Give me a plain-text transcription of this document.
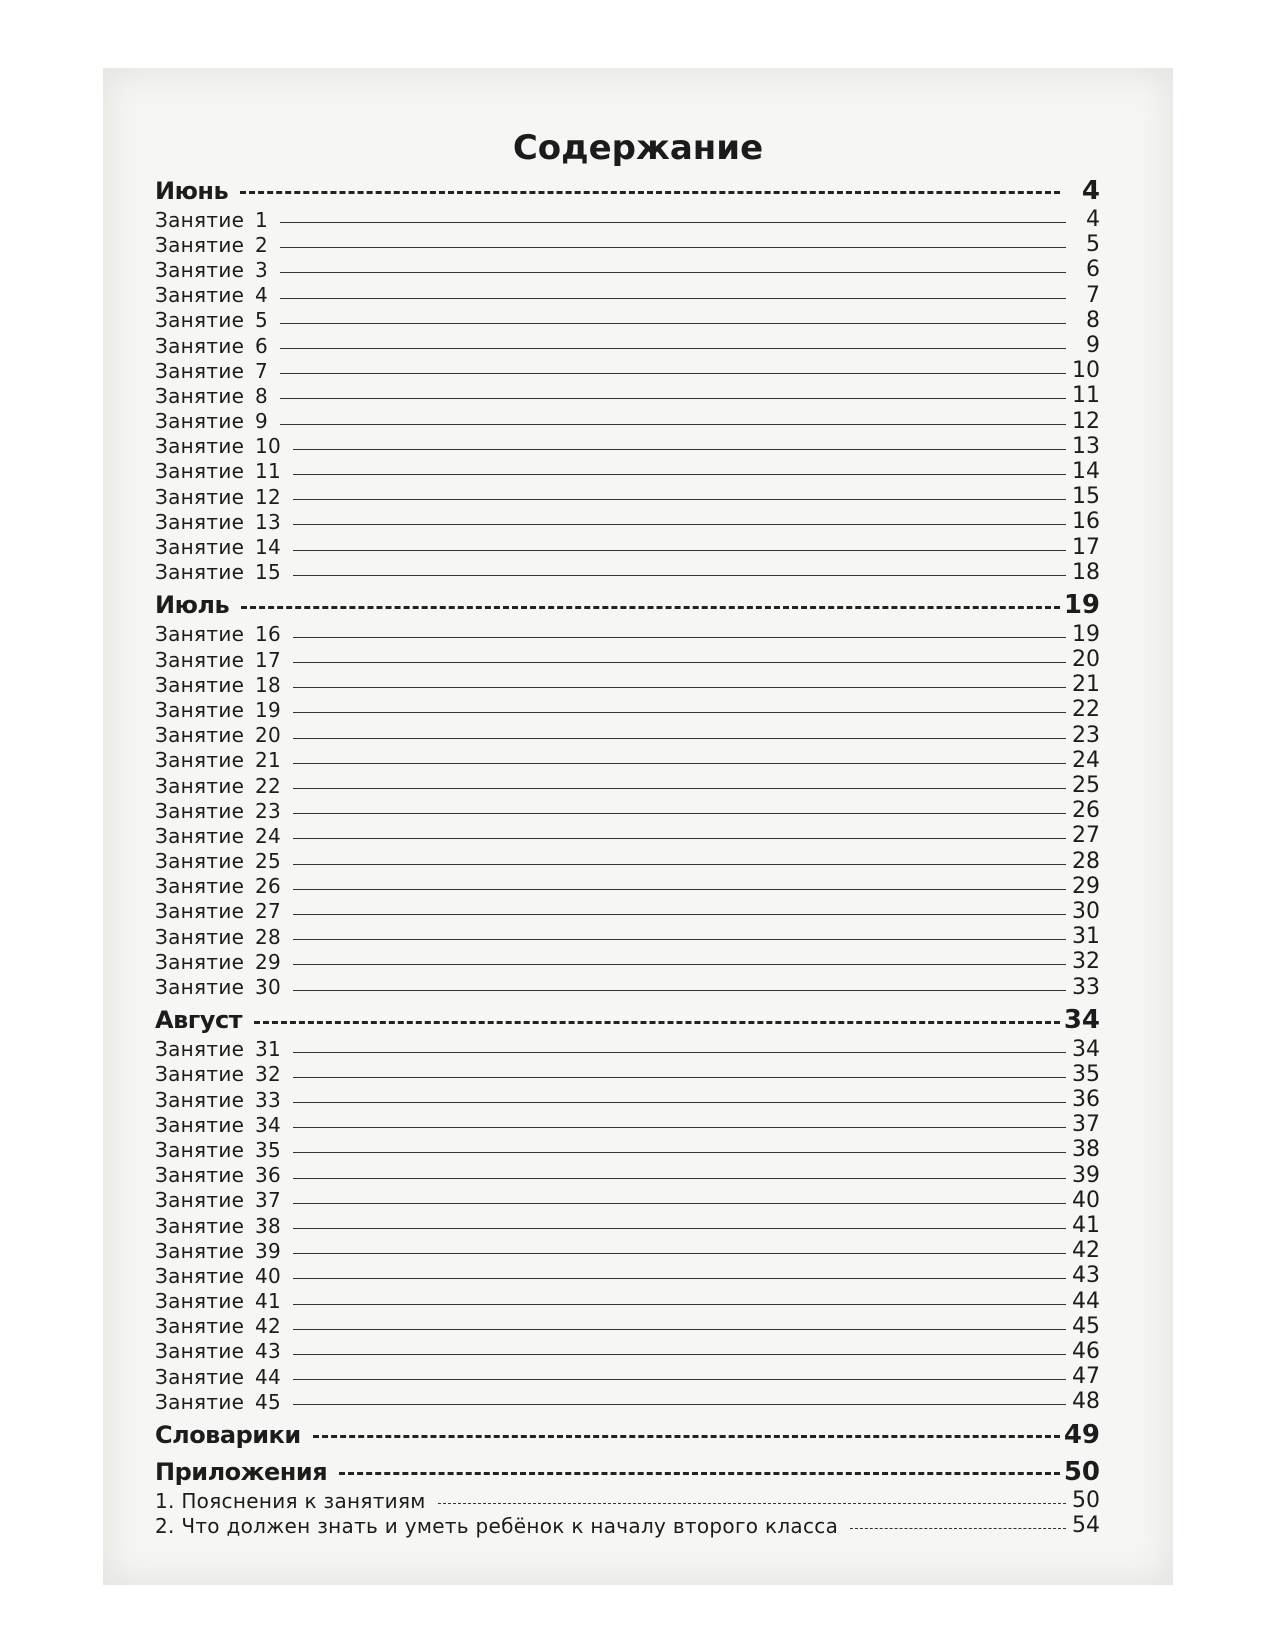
Содержание
Июнь	4
Занятие 1	4
Занятие 2	5
Занятие 3	6
Занятие 4	7
Занятие 5	8
Занятие 6	9
Занятие 7	10
Занятие 8	11
Занятие 9	12
Занятие 10	13
Занятие 11	14
Занятие 12	15
Занятие 13	16
Занятие 14	17
Занятие 15	18
Июль	19
Занятие 16	19
Занятие 17	20
Занятие 18	21
Занятие 19	22
Занятие 20	23
Занятие 21	24
Занятие 22	25
Занятие 23	26
Занятие 24	27
Занятие 25	28
Занятие 26	29
Занятие 27	30
Занятие 28	31
Занятие 29	32
Занятие 30	33
Август	34
Занятие 31	34
Занятие 32	35
Занятие 33	36
Занятие 34	37
Занятие 35	38
Занятие 36	39
Занятие 37	40
Занятие 38	41
Занятие 39	42
Занятие 40	43
Занятие 41	44
Занятие 42	45
Занятие 43	46
Занятие 44	47
Занятие 45	48
Словарики	49
Приложения	50
1. Пояснения к занятиям	50
2. Что должен знать и уметь ребёнок к началу второго класса	54
